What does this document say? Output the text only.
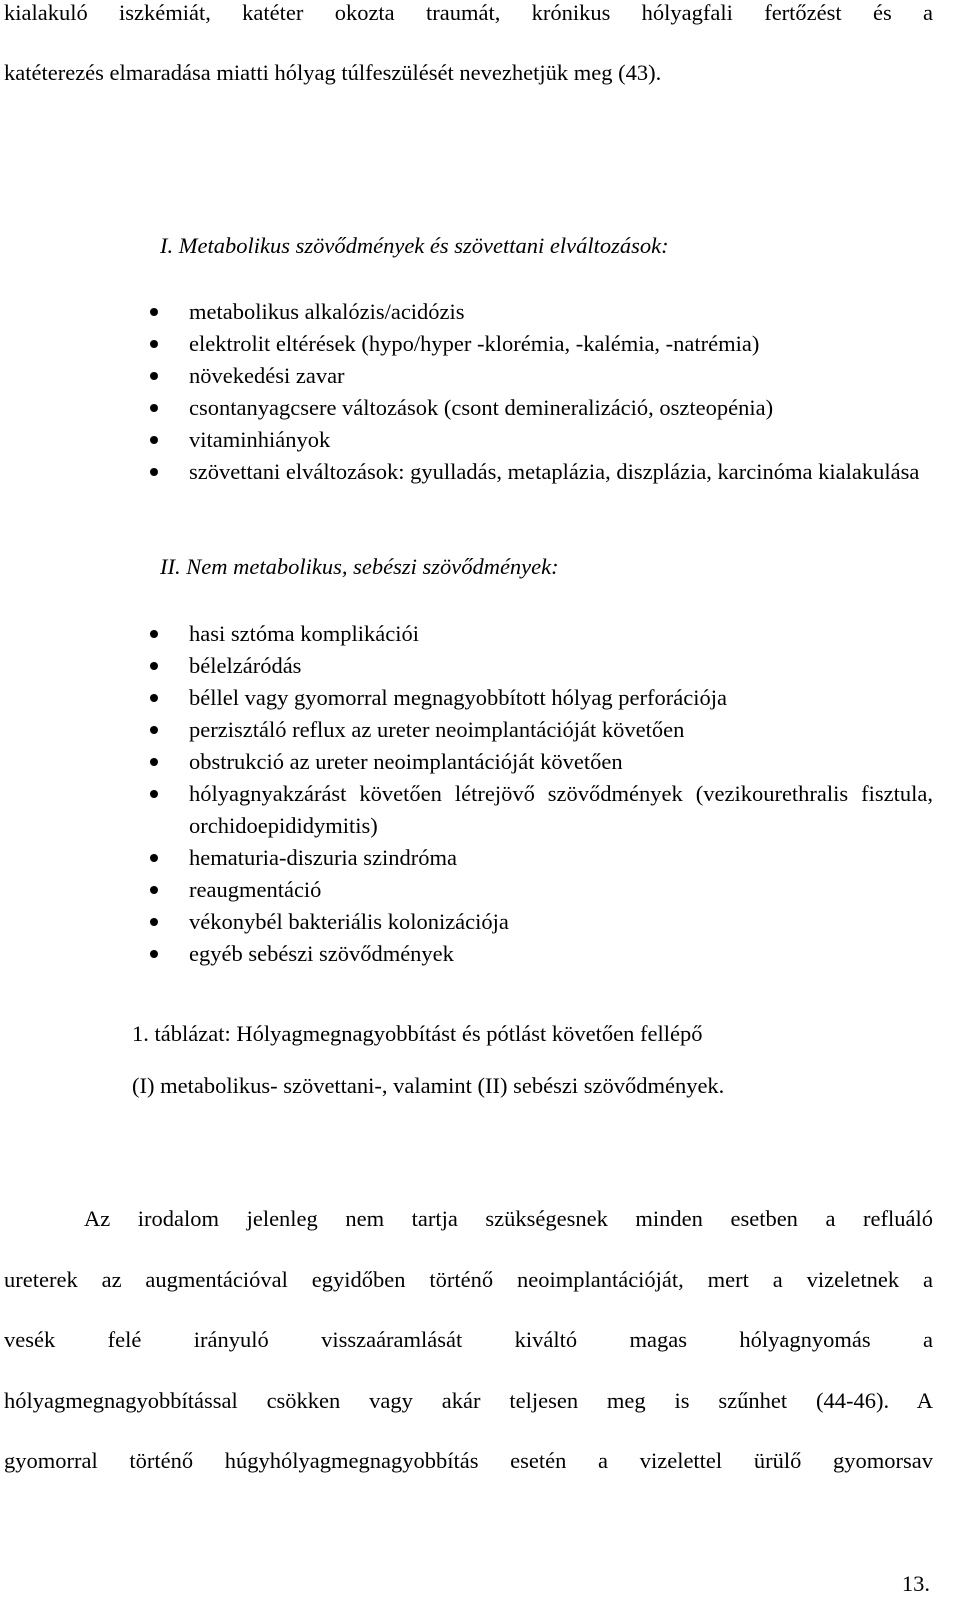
kialakuló iszkémiát, katéter okozta traumát, krónikus hólyagfali fertőzést és a
katéterezés elmaradása miatti hólyag túlfeszülését nevezhetjük meg (43).
I. Metabolikus szövődmények és szövettani elváltozások:
metabolikus alkalózis/acidózis
elektrolit eltérések (hypo/hyper -klorémia, -kalémia, -natrémia)
növekedési zavar
csontanyagcsere változások (csont demineralizáció, oszteopénia)
vitaminhiányok
szövettani elváltozások: gyulladás, metaplázia, diszplázia, karcinóma kialakulása
II. Nem metabolikus, sebészi szövődmények:
hasi sztóma komplikációi
bélelzáródás
béllel vagy gyomorral megnagyobbított hólyag perforációja
perzisztáló reflux az ureter neoimplantációját követően
obstrukció az ureter neoimplantációját követően
hólyagnyakzárást követően létrejövő szövődmények (vezikourethralis fisztula, orchidoepididymitis)
hematuria-diszuria szindróma
reaugmentáció
vékonybél bakteriális kolonizációja
egyéb sebészi szövődmények
1. táblázat: Hólyagmegnagyobbítást és pótlást követően fellépő
(I) metabolikus- szövettani-, valamint (II) sebészi szövődmények.
Az irodalom jelenleg nem tartja szükségesnek minden esetben a refluáló
ureterek az augmentációval egyidőben történő neoimplantációját, mert a vizeletnek a
vesék felé irányuló visszaáramlását kiváltó magas hólyagnyomás a
hólyagmegnagyobbítással csökken vagy akár teljesen meg is szűnhet (44-46). A
gyomorral történő húgyhólyagmegnagyobbítás esetén a vizelettel ürülő gyomorsav
13.
